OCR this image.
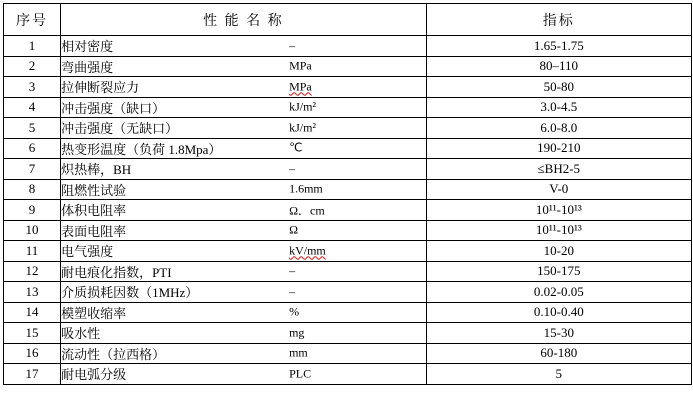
序号	性 能 名 称	指标
1	相对密度 –	1.65-1.75
2	弯曲强度 MPa	80–110
3	拉伸断裂应力 MPa	50-80
4	冲击强度（缺口） kJ/m²	3.0-4.5
5	冲击强度（无缺口） kJ/m²	6.0-8.0
6	热变形温度（负荷 1.8Mpa） ℃	190-210
7	炽热棒，BH –	≤BH2-5
8	阻燃性试验 1.6mm	V-0
9	体积电阻率 Ω．cm	10¹¹-10¹³
10	表面电阻率 Ω	10¹¹-10¹³
11	电气强度 kV/mm	10-20
12	耐电痕化指数，PTI –	150-175
13	介质损耗因数（1MHz） –	0.02-0.05
14	模塑收缩率 %	0.10-0.40
15	吸水性 mg	15-30
16	流动性（拉西格） mm	60-180
17	耐电弧分级 PLC	5
